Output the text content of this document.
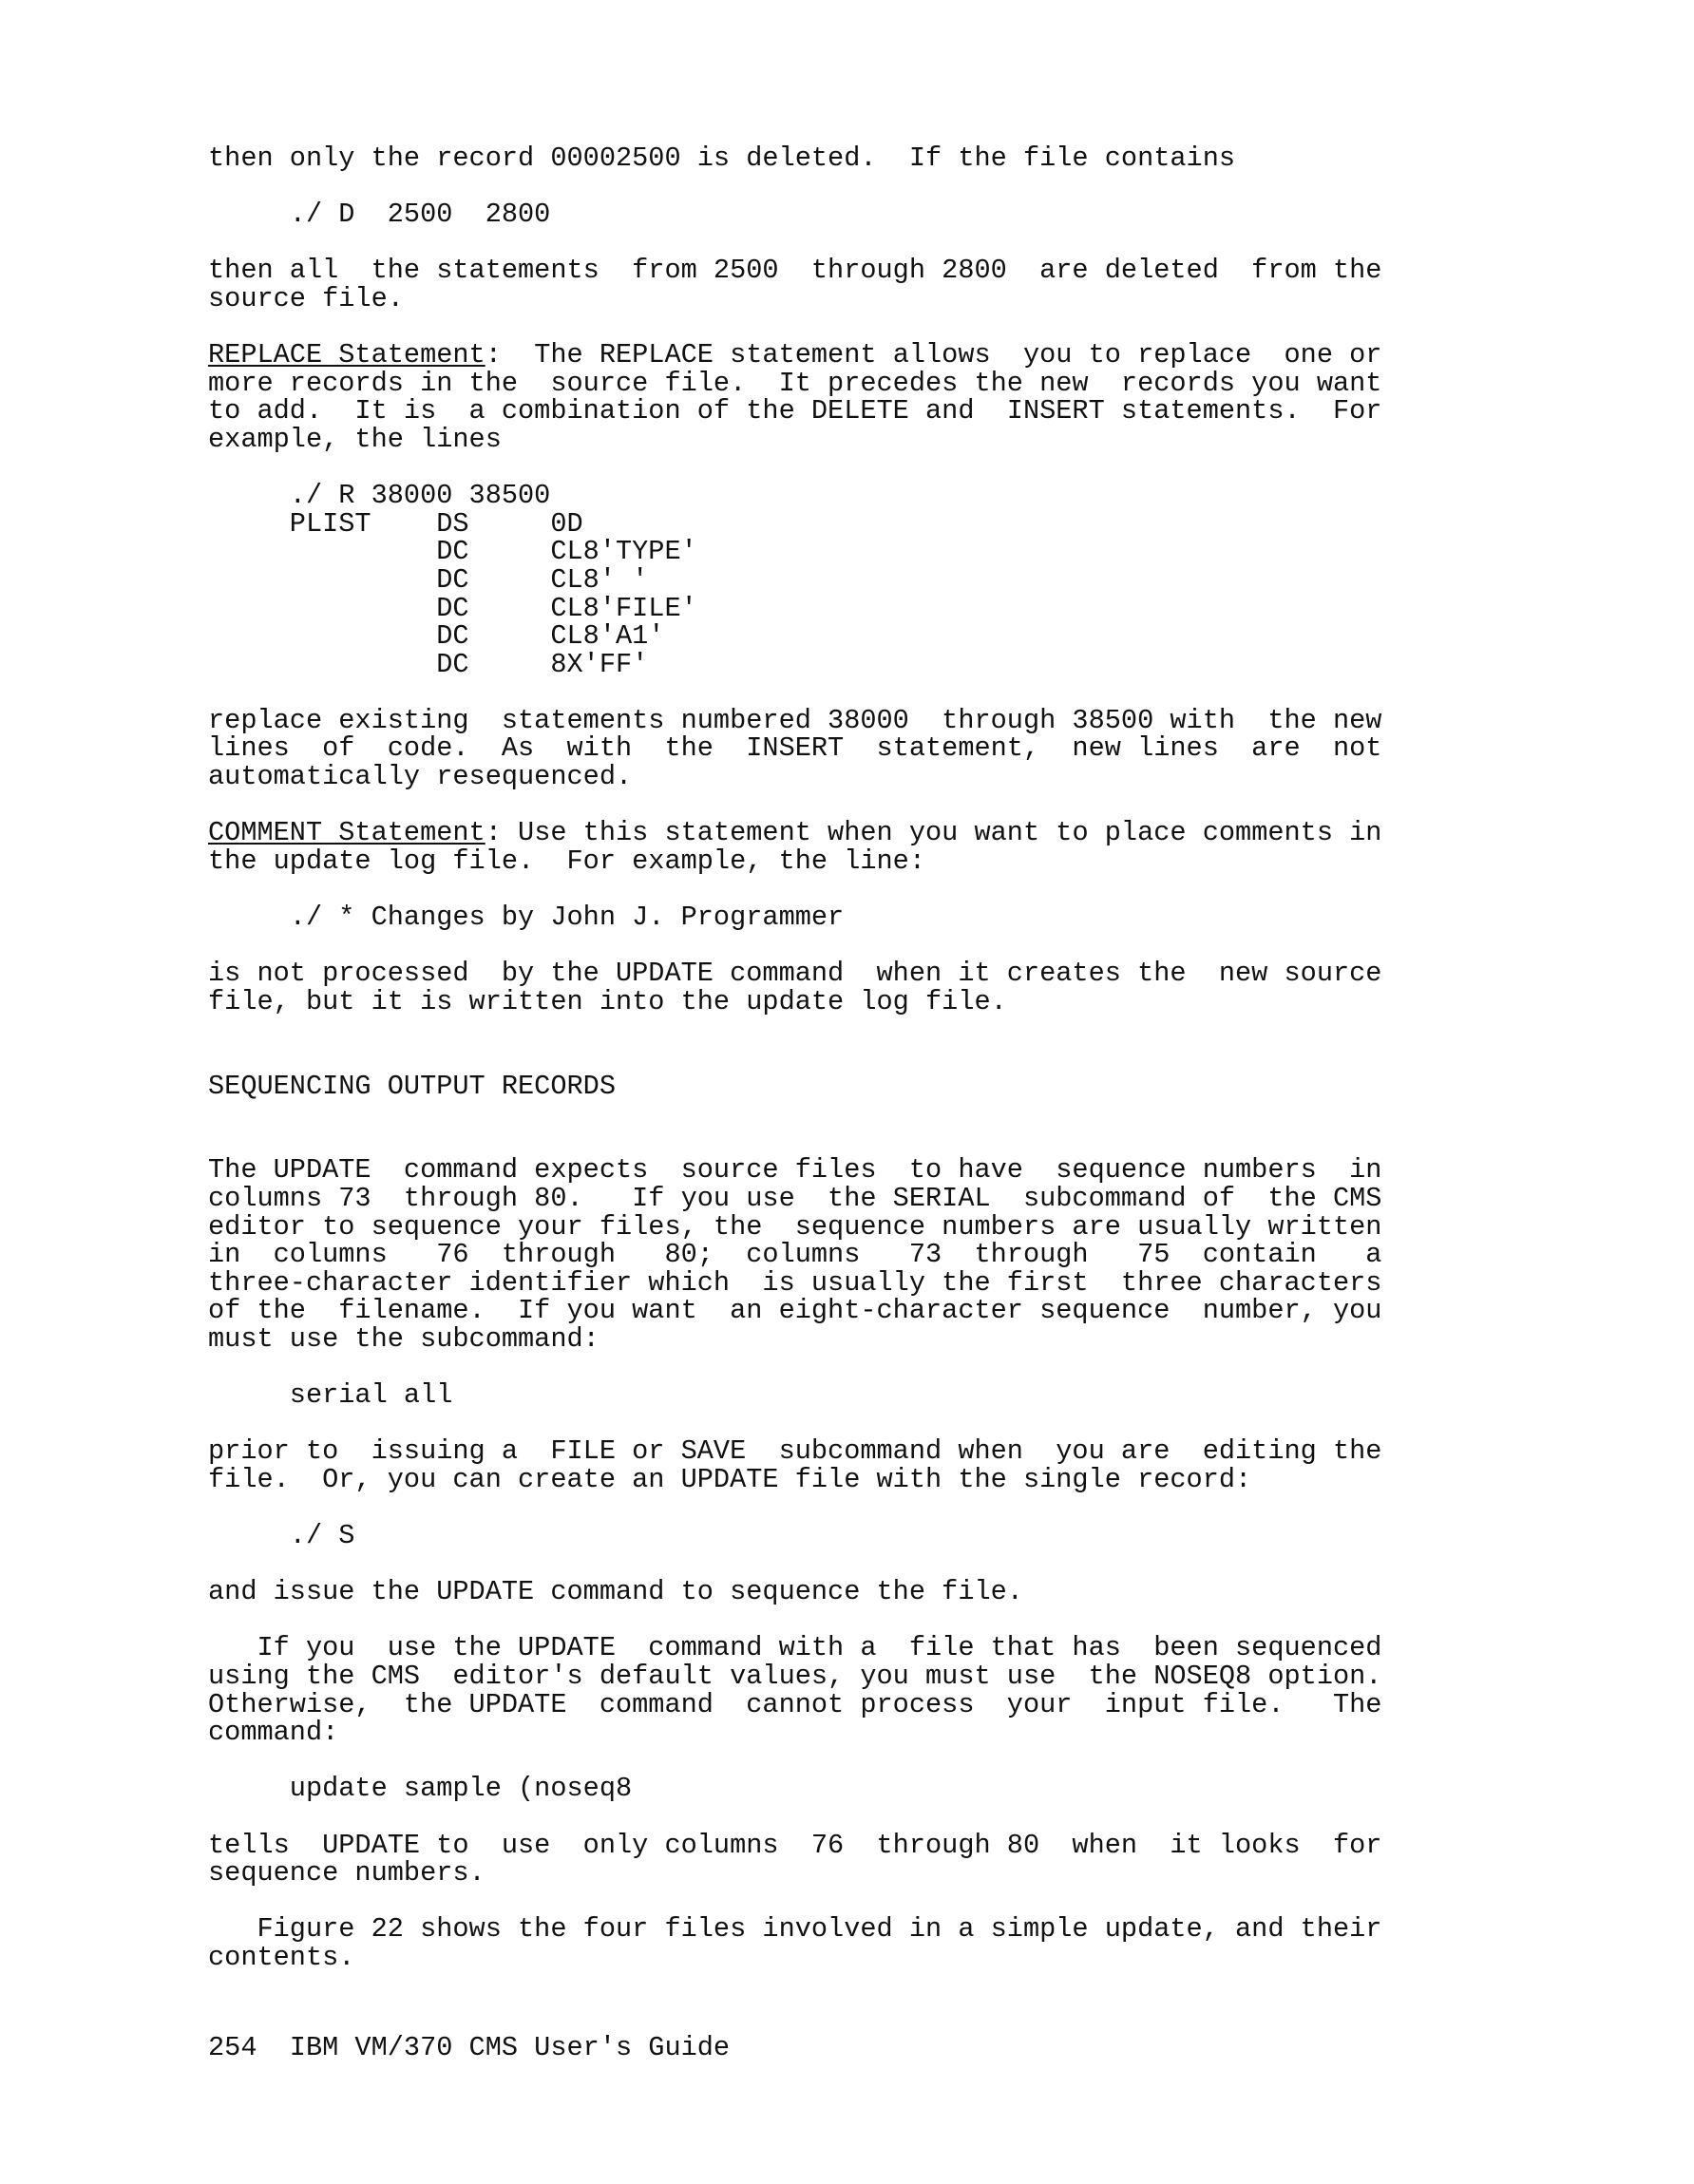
then only the record 00002500 is deleted.  If the file contains
./ D  2500  2800
then all  the statements  from 2500  through 2800  are deleted  from the
source file.
REPLACE Statement:  The REPLACE statement allows  you to replace  one or
more records in the  source file.  It precedes the new  records you want
to add.  It is  a combination of the DELETE and  INSERT statements.  For
example, the lines
./ R 38000 38500
PLIST    DS     0D
DC     CL8'TYPE'
DC     CL8' '
DC     CL8'FILE'
DC     CL8'A1'
DC     8X'FF'
replace existing  statements numbered 38000  through 38500 with  the new
lines  of  code.  As  with  the  INSERT  statement,  new lines  are  not
automatically resequenced.
COMMENT Statement: Use this statement when you want to place comments in
the update log file.  For example, the line:
./ * Changes by John J. Programmer
is not processed  by the UPDATE command  when it creates the  new source
file, but it is written into the update log file.
SEQUENCING OUTPUT RECORDS
The UPDATE  command expects  source files  to have  sequence numbers  in
columns 73  through 80.   If you use  the SERIAL  subcommand of  the CMS
editor to sequence your files, the  sequence numbers are usually written
in  columns   76  through   80;  columns   73  through   75  contain   a
three-character identifier which  is usually the first  three characters
of the  filename.  If you want  an eight-character sequence  number, you
must use the subcommand:
serial all
prior to  issuing a  FILE or SAVE  subcommand when  you are  editing the
file.  Or, you can create an UPDATE file with the single record:
./ S
and issue the UPDATE command to sequence the file.
If you  use the UPDATE  command with a  file that has  been sequenced
using the CMS  editor's default values, you must use  the NOSEQ8 option.
Otherwise,  the UPDATE  command  cannot process  your  input file.   The
command:
update sample (noseq8
tells  UPDATE to  use  only columns  76  through 80  when  it looks  for
sequence numbers.
Figure 22 shows the four files involved in a simple update, and their
contents.
254  IBM VM/370 CMS User's Guide
